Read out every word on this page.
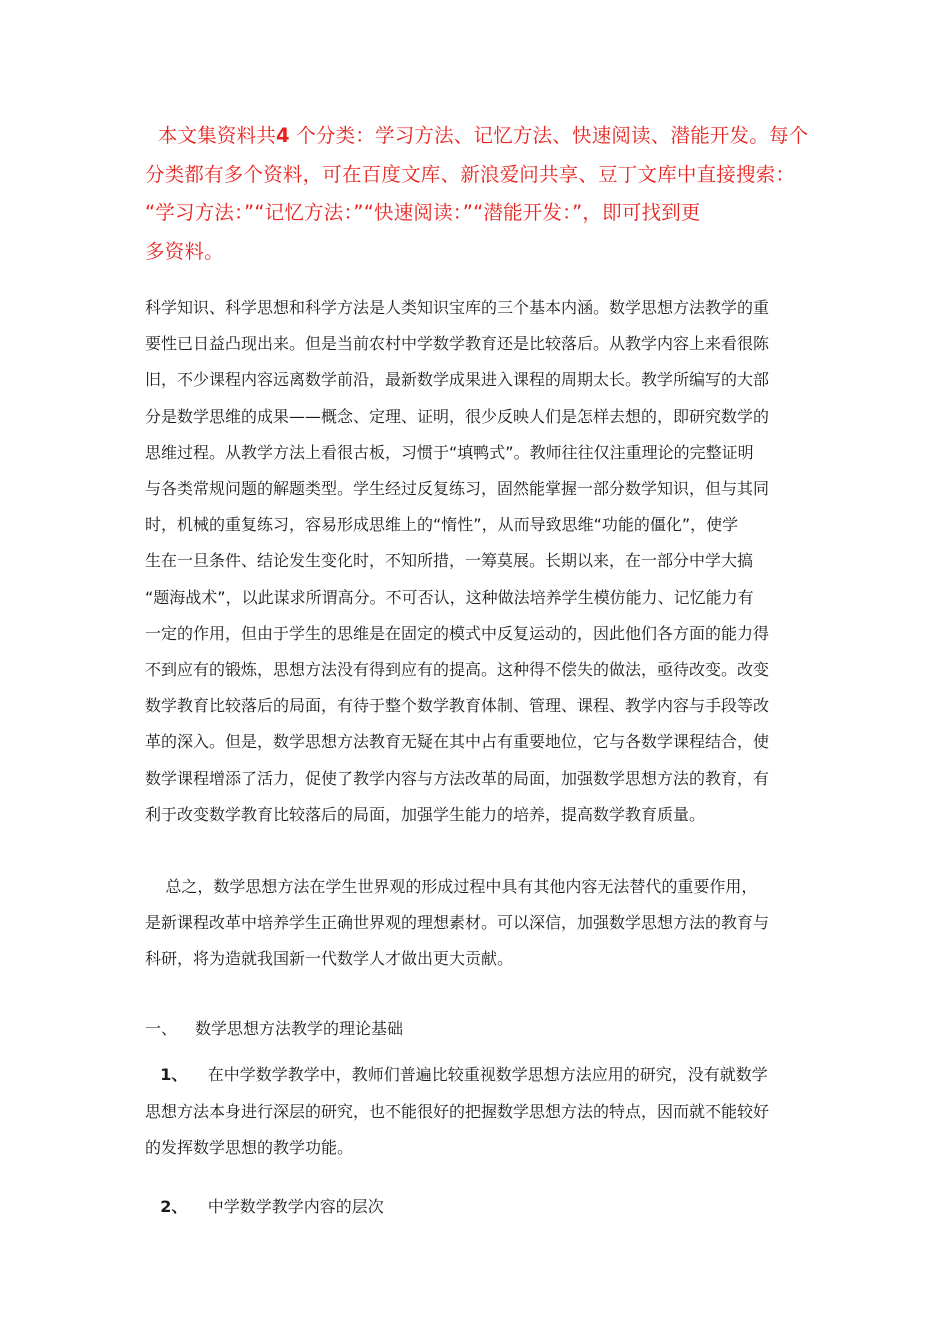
本文集资料共4 个分类：学习方法、记忆方法、快速阅读、潜能开发。每个
分类都有多个资料，可在百度文库、新浪爱问共享、豆丁文库中直接搜索：
“学习方法：”“记忆方法：”“快速阅读：”“潜能开发：”，即可找到更
多资料。
科学知识、科学思想和科学方法是人类知识宝库的三个基本内涵。数学思想方法教学的重
要性已日益凸现出来。但是当前农村中学数学教育还是比较落后。从教学内容上来看很陈
旧，不少课程内容远离数学前沿，最新数学成果进入课程的周期太长。教学所编写的大部
分是数学思维的成果——概念、定理、证明，很少反映人们是怎样去想的，即研究数学的
思维过程。从教学方法上看很古板，习惯于“填鸭式”。教师往往仅注重理论的完整证明
与各类常规问题的解题类型。学生经过反复练习，固然能掌握一部分数学知识，但与其同
时，机械的重复练习，容易形成思维上的“惰性”，从而导致思维“功能的僵化”，使学
生在一旦条件、结论发生变化时，不知所措，一筹莫展。长期以来，在一部分中学大搞
“题海战术”，以此谋求所谓高分。不可否认，这种做法培养学生模仿能力、记忆能力有
一定的作用，但由于学生的思维是在固定的模式中反复运动的，因此他们各方面的能力得
不到应有的锻炼，思想方法没有得到应有的提高。这种得不偿失的做法，亟待改变。改变
数学教育比较落后的局面，有待于整个数学教育体制、管理、课程、教学内容与手段等改
革的深入。但是，数学思想方法教育无疑在其中占有重要地位，它与各数学课程结合，使
数学课程增添了活力，促使了教学内容与方法改革的局面，加强数学思想方法的教育，有
利于改变数学教育比较落后的局面，加强学生能力的培养，提高数学教育质量。
总之，数学思想方法在学生世界观的形成过程中具有其他内容无法替代的重要作用，
是新课程改革中培养学生正确世界观的理想素材。可以深信，加强数学思想方法的教育与
科研，将为造就我国新一代数学人才做出更大贡献。
一、 数学思想方法教学的理论基础
1、 在中学数学教学中，教师们普遍比较重视数学思想方法应用的研究，没有就数学
思想方法本身进行深层的研究，也不能很好的把握数学思想方法的特点，因而就不能较好
的发挥数学思想的教学功能。
2、 中学数学教学内容的层次
